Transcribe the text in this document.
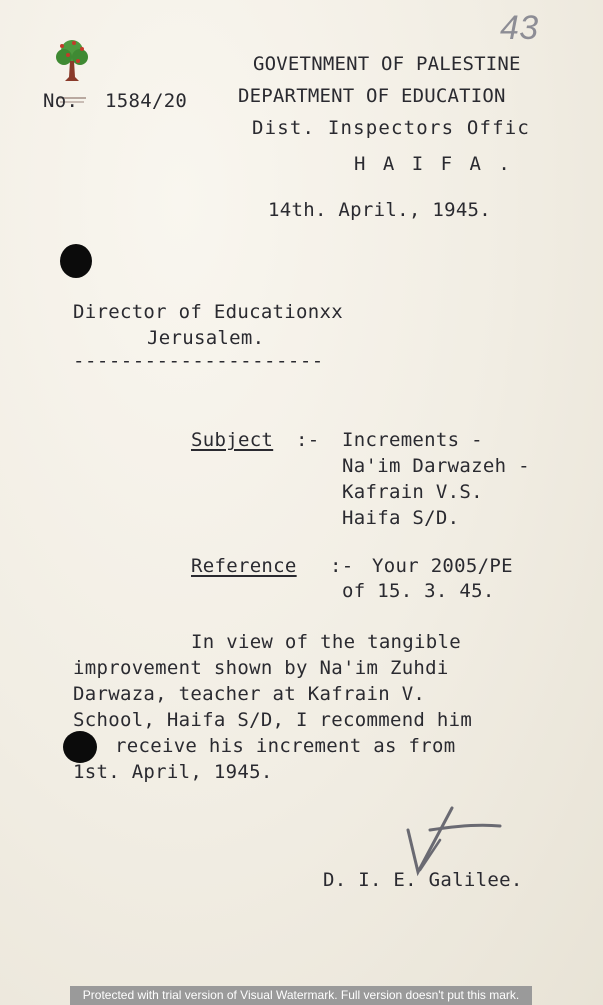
43
No. 1584/20
GOVETNMENT OF PALESTINE
DEPARTMENT OF EDUCATION
Dist. Inspectors Offic
H A I F A .
14th. April., 1945.
Director of Educationxx
Jerusalem.
---------------------
Subject :- Increments -
Na'im Darwazeh -
Kafrain V.S.
Haifa S/D.
Reference :- Your 2005/PE
of 15. 3. 45.
In view of the tangible
improvement shown by Na'im Zuhdi
Darwaza, teacher at Kafrain V.
School, Haifa S/D, I recommend him
receive his increment as from
1st. April, 1945.
D. I. E. Galilee.
Protected with trial version of Visual Watermark. Full version doesn't put this mark.
